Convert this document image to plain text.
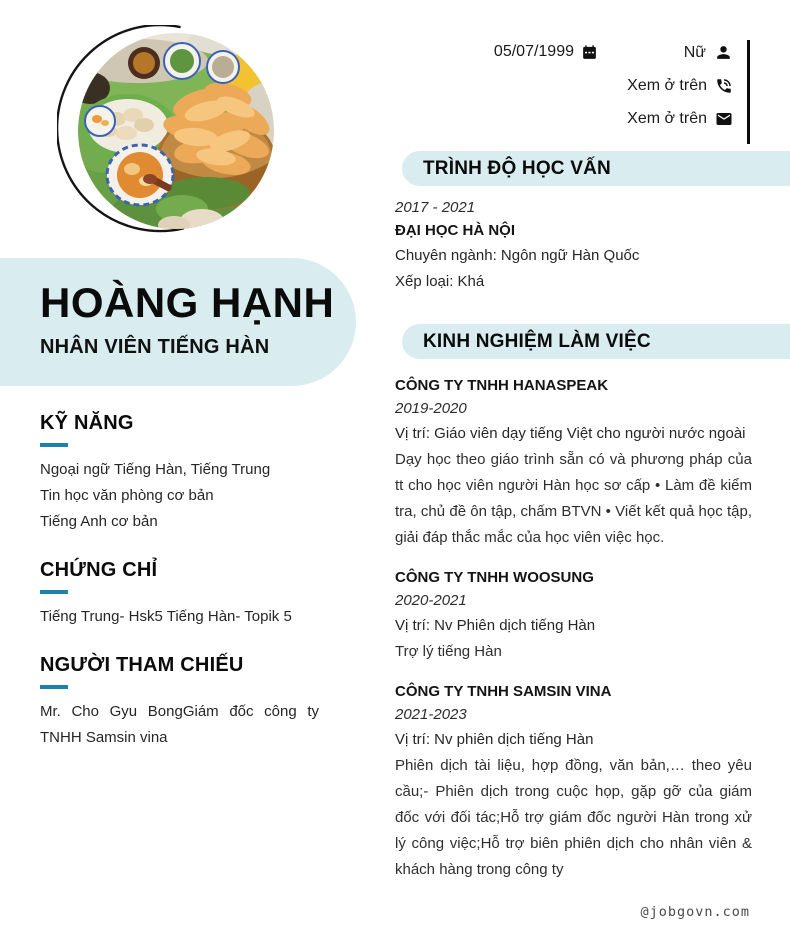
05/07/1999	Nữ
Xem ở trên
Xem ở trên
HOÀNG HẠNH
NHÂN VIÊN TIẾNG HÀN
KỸ NĂNG
Ngoại ngữ Tiếng Hàn, Tiếng Trung
Tin học văn phòng cơ bản
Tiếng Anh cơ bản
CHỨNG CHỈ
Tiếng Trung- Hsk5 Tiếng Hàn- Topik 5
NGƯỜI THAM CHIẾU
Mr. Cho Gyu BongGiám đốc công ty TNHH Samsin vina
TRÌNH ĐỘ HỌC VẤN
2017 - 2021
ĐẠI HỌC HÀ NỘI
Chuyên ngành: Ngôn ngữ Hàn Quốc
Xếp loại: Khá
KINH NGHIỆM LÀM VIỆC
CÔNG TY TNHH HANASPEAK
2019-2020
Vị trí: Giáo viên dạy tiếng Việt cho người nước ngoài

Dạy học theo giáo trình sẵn có và phương pháp của tt cho học viên người Hàn học sơ cấp • Làm đề kiểm tra, chủ đề ôn tập, chấm BTVN • Viết kết quả học tập, giải đáp thắc mắc của học viên việc học.

CÔNG TY TNHH WOOSUNG
2020-2021
Vị trí: Nv Phiên dịch tiếng Hàn

Trợ lý tiếng Hàn

CÔNG TY TNHH SAMSIN VINA
2021-2023
Vị trí: Nv phiên dịch tiếng Hàn

Phiên dịch tài liệu, hợp đồng, văn bản,… theo yêu cầu;- Phiên dịch trong cuộc họp, gặp gỡ của giám đốc với đối tác;Hỗ trợ giám đốc người Hàn trong xử lý công việc;Hỗ trợ biên phiên dịch cho nhân viên & khách hàng trong công ty

@jobgovn.com
